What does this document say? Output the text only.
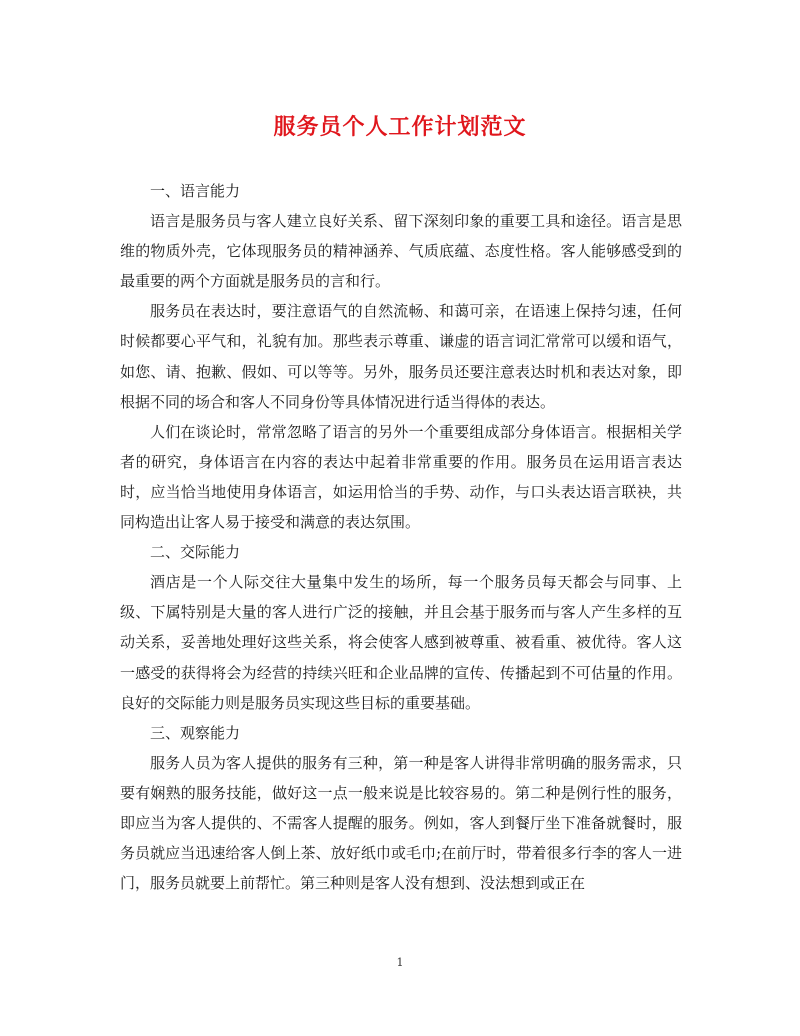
服务员个人工作计划范文

一、语言能力

语言是服务员与客人建立良好关系、留下深刻印象的重要工具和途径。语言是思维的物质外壳，它体现服务员的精神涵养、气质底蕴、态度性格。客人能够感受到的最重要的两个方面就是服务员的言和行。

服务员在表达时，要注意语气的自然流畅、和蔼可亲，在语速上保持匀速，任何时候都要心平气和，礼貌有加。那些表示尊重、谦虚的语言词汇常常可以缓和语气，如您、请、抱歉、假如、可以等等。另外，服务员还要注意表达时机和表达对象，即根据不同的场合和客人不同身份等具体情况进行适当得体的表达。

人们在谈论时，常常忽略了语言的另外一个重要组成部分身体语言。根据相关学者的研究，身体语言在内容的表达中起着非常重要的作用。服务员在运用语言表达时，应当恰当地使用身体语言，如运用恰当的手势、动作，与口头表达语言联袂，共同构造出让客人易于接受和满意的表达氛围。

二、交际能力

酒店是一个人际交往大量集中发生的场所，每一个服务员每天都会与同事、上级、下属特别是大量的客人进行广泛的接触，并且会基于服务而与客人产生多样的互动关系，妥善地处理好这些关系，将会使客人感到被尊重、被看重、被优待。客人这一感受的获得将会为经营的持续兴旺和企业品牌的宣传、传播起到不可估量的作用。良好的交际能力则是服务员实现这些目标的重要基础。

三、观察能力

服务人员为客人提供的服务有三种，第一种是客人讲得非常明确的服务需求，只要有娴熟的服务技能，做好这一点一般来说是比较容易的。第二种是例行性的服务，即应当为客人提供的、不需客人提醒的服务。例如，客人到餐厅坐下准备就餐时，服务员就应当迅速给客人倒上茶、放好纸巾或毛巾;在前厅时，带着很多行李的客人一进门，服务员就要上前帮忙。第三种则是客人没有想到、没法想到或正在

1
